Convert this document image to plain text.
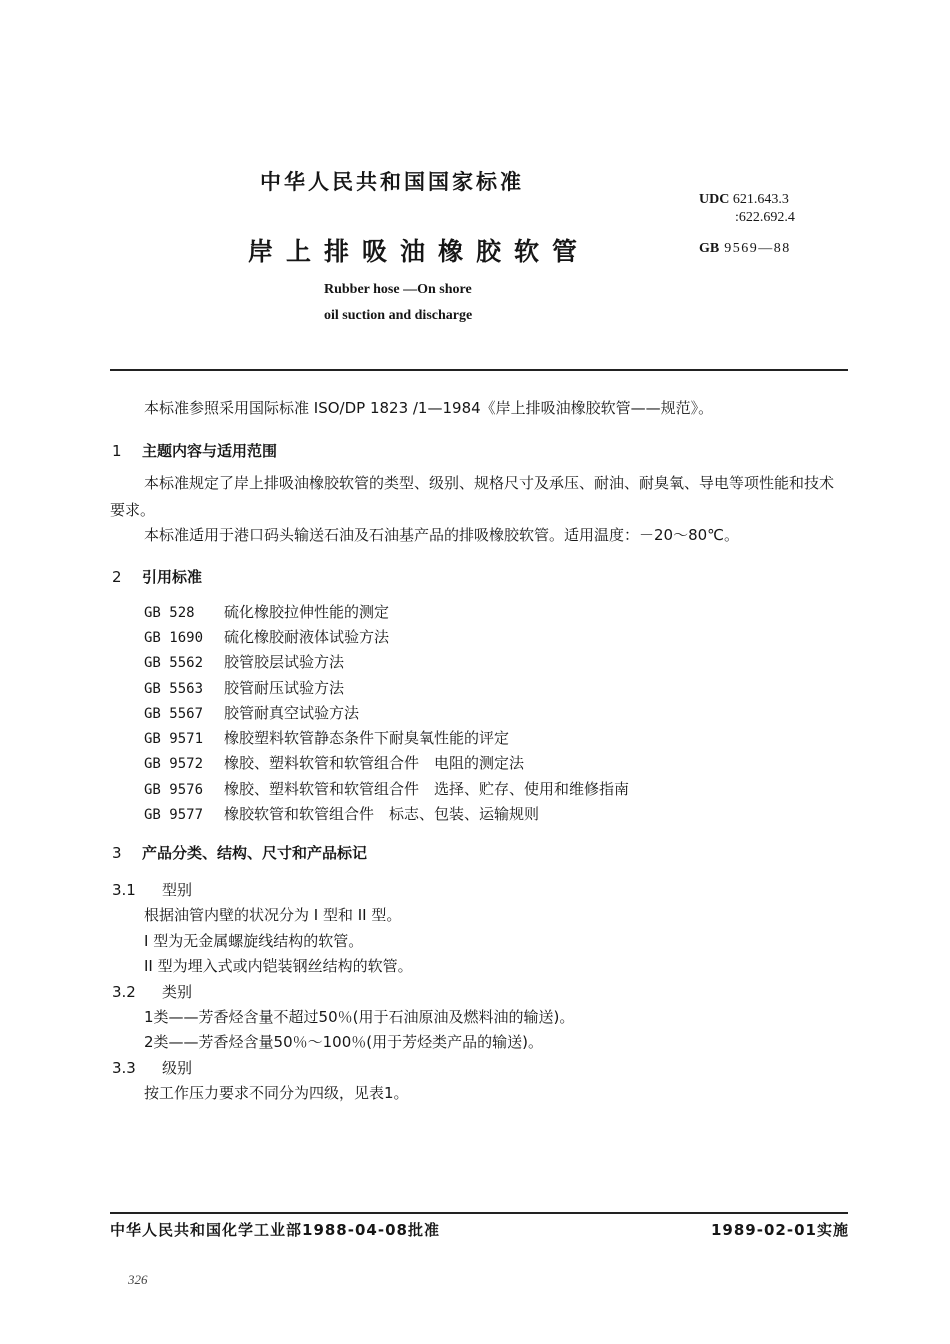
中华人民共和国国家标准
岸上排吸油橡胶软管
Rubber hose —On shore
oil suction and discharge
UDC 621.643.3
:622.692.4
GB 9569—88
本标准参照采用国际标准 ISO/DP 1823 /1—1984《岸上排吸油橡胶软管——规范》。
1 主题内容与适用范围
本标准规定了岸上排吸油橡胶软管的类型、级别、规格尺寸及承压、耐油、耐臭氧、导电等项性能和技术要求。
本标准适用于港口码头输送石油及石油基产品的排吸橡胶软管。适用温度：－20～80℃。
2 引用标准
GB 528 硫化橡胶拉伸性能的测定
GB 1690 硫化橡胶耐液体试验方法
GB 5562 胶管胶层试验方法
GB 5563 胶管耐压试验方法
GB 5567 胶管耐真空试验方法
GB 9571 橡胶塑料软管静态条件下耐臭氧性能的评定
GB 9572 橡胶、塑料软管和软管组合件　电阻的测定法
GB 9576 橡胶、塑料软管和软管组合件　选择、贮存、使用和维修指南
GB 9577 橡胶软管和软管组合件　标志、包装、运输规则
3 产品分类、结构、尺寸和产品标记
3.1 型别
根据油管内壁的状况分为 I 型和 II 型。
I 型为无金属螺旋线结构的软管。
II 型为埋入式或内铠装钢丝结构的软管。
3.2 类别
1类——芳香烃含量不超过50％(用于石油原油及燃料油的输送)。
2类——芳香烃含量50％～100％(用于芳烃类产品的输送)。
3.3 级别
按工作压力要求不同分为四级，见表1。
中华人民共和国化学工业部1988-04-08批准	1989-02-01实施
326
